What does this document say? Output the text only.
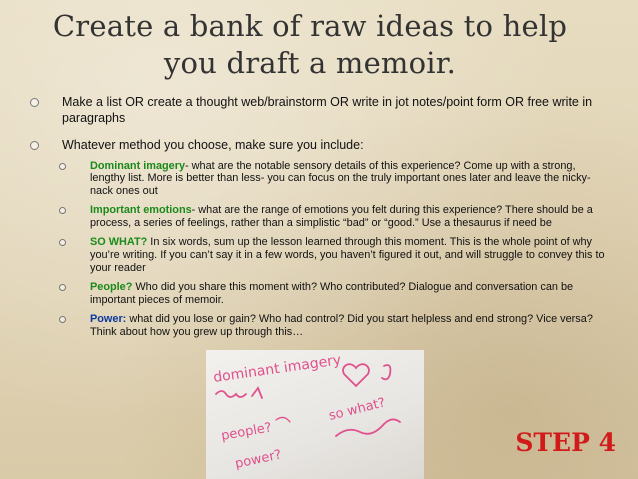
Create a bank of raw ideas to help
you draft a memoir.
Make a list OR create a thought web/brainstorm OR write in jot notes/point form OR free write in paragraphs
Whatever method you choose, make sure you include:
Dominant imagery- what are the notable sensory details of this experience? Come up with a strong, lengthy list. More is better than less- you can focus on the truly important ones later and leave the nicky-nack ones out
Important emotions- what are the range of emotions you felt during this experience? There should be a process, a series of feelings, rather than a simplistic “bad” or “good.” Use a thesaurus if need be
SO WHAT? In six words, sum up the lesson learned through this moment. This is the whole point of why you’re writing. If you can’t say it in a few words, you haven’t figured it out, and will struggle to convey this to your reader
People? Who did you share this moment with? Who contributed? Dialogue and conversation can be important pieces of memoir.
Power: what did you lose or gain? Who had control? Did you start helpless and end strong? Vice versa? Think about how you grew up through this…
dominant imagery
people?
power?
so what?
STEP 4
